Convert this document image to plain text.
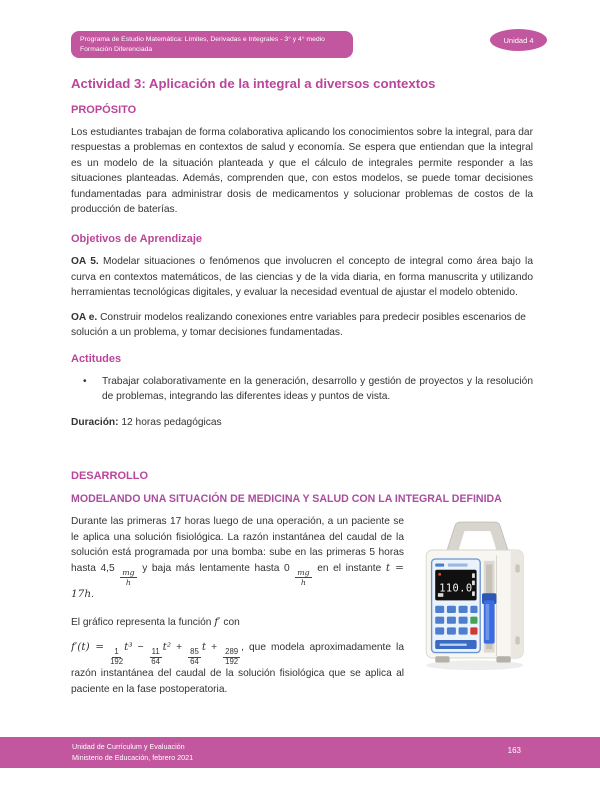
Programa de Estudio Matemática: Límites, Derivadas e Integrales - 3° y 4° medio
Formación Diferenciada
Unidad 4
Actividad 3: Aplicación de la integral a diversos contextos
PROPÓSITO

Los estudiantes trabajan de forma colaborativa aplicando los conocimientos sobre la integral, para dar respuestas a problemas en contextos de salud y economía. Se espera que entiendan que la integral es un modelo de la situación planteada y que el cálculo de integrales permite responder a las situaciones planteadas. Además, comprenden que, con estos modelos, se puede tomar decisiones fundamentadas para administrar dosis de medicamentos y solucionar problemas de costos de la producción de baterías.

Objetivos de Aprendizaje

OA 5. Modelar situaciones o fenómenos que involucren el concepto de integral como área bajo la curva en contextos matemáticos, de las ciencias y de la vida diaria, en forma manuscrita y utilizando herramientas tecnológicas digitales, y evaluar la necesidad eventual de ajustar el modelo obtenido.

OA e. Construir modelos realizando conexiones entre variables para predecir posibles escenarios de solución a un problema, y tomar decisiones fundamentadas.

Actitudes
•	Trabajar colaborativamente en la generación, desarrollo y gestión de proyectos y la resolución de problemas, integrando las diferentes ideas y puntos de vista.

Duración: 12 horas pedagógicas
DESARROLLO
MODELANDO UNA SITUACIÓN DE MEDICINA Y SALUD CON LA INTEGRAL DEFINIDA
110.0

Durante las primeras 17 horas luego de una operación, a un paciente se le aplica una solución fisiológica. La razón instantánea del caudal de la solución está programada por una bomba: sube en las primeras 5 horas hasta 4,5
$\frac{mg}{h}$
y baja más lentamente hasta 0
$\frac{mg}{h}$
en el instante t = 17h.

El gráfico representa la función f′ con

f′(t) =
$\frac{1}{192}$
t³ −
$\frac{11}{64}$
t² +
$\frac{85}{64}$
t +
$\frac{289}{192}$
, que modela aproximadamente la razón instantánea del caudal de la solución fisiológica que se aplica al paciente en la fase postoperatoria.

Unidad de Currículum y Evaluación
Ministerio de Educación, febrero 2021
163
